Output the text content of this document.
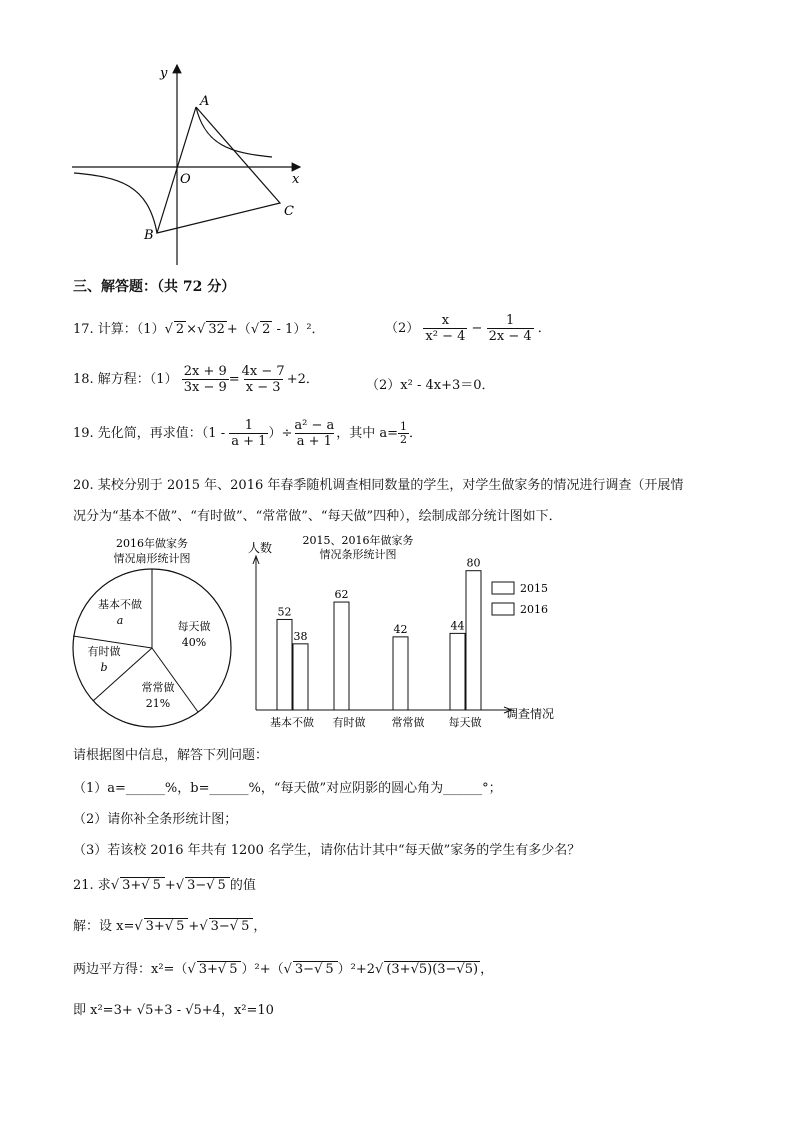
y
x
O
A
B
C
三、解答题：（共 72 分）
17. 计算：（1） √ 2 × √ 32 +（ √ 2 - 1）²．	$(2) \frac{x}{\text{x² − 4}} - \frac{1}{2x - 4}$ ．
18. 解方程：$(1) \frac{2x + 9}{3x - 9} = \frac{4x - 7}{x - 3} +2$．	（2）x² - 4x+3＝0．
19. 先化简，再求值：（$1 - \frac{1}{a + 1}$ ）÷ $\frac{\text{a² − a}}{a + 1}$ ，其中 $a= \frac{1}{2}$ ．
20. 某校分别于 2015 年、2016 年春季随机调查相同数量的学生，对学生做家务的情况进行调查（开展情
况分为“基本不做”、“有时做”、“常常做”、“每天做”四种），绘制成部分统计图如下．
2016年做家务
情况扇形统计图
每天做
40%
常常做
21%
有时做
b
基本不做
a
2015、2016年做家务
情况条形统计图
人数
调查情况
52
38
基本不做
62
有时做
42
常常做
44
80
每天做
2015
2016
请根据图中信息，解答下列问题：
（1）a=______%，b=______%，“每天做”对应阴影的圆心角为______°；
（2）请你补全条形统计图；
（3）若该校 2016 年共有 1200 名学生，请你估计其中“每天做”家务的学生有多少名？
21. 求 √ 3+ √ 5 + √ 3− √ 5 的值
解：设 x= √ 3+ √ 5 + √ 3− √ 5 ，
两边平方得：x²=（ √ 3+ √ 5 ）²+（ √ 3− √ 5 ）²+2 √ (3+√5)(3−√5) ，
即 x²=3+ √5+3 - √5+4，x²=10
